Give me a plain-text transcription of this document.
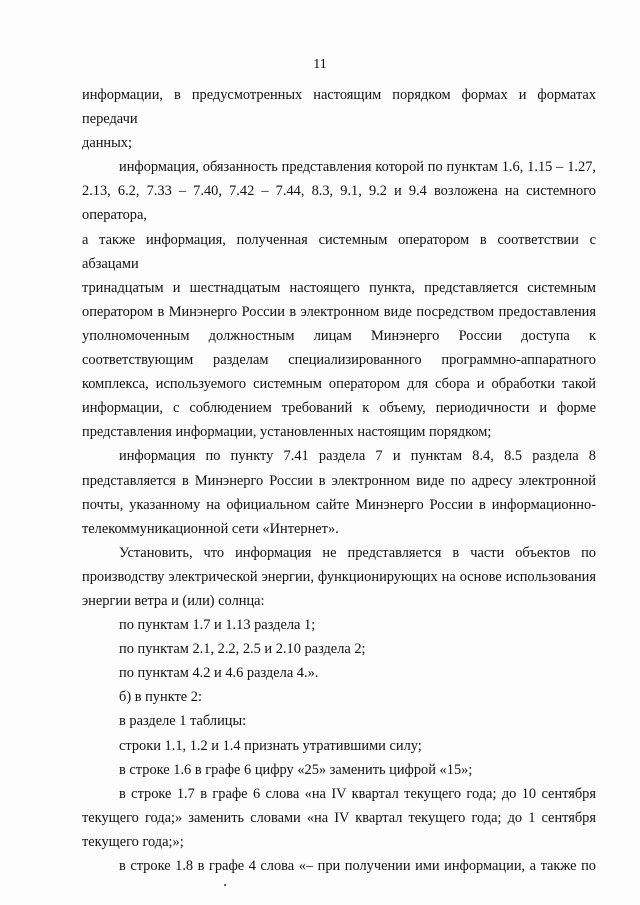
11

информации, в предусмотренных настоящим порядком формах и форматах передачи

данных;

информация, обязанность представления которой по пунктам 1.6, 1.15 – 1.27,

2.13, 6.2, 7.33 – 7.40, 7.42 – 7.44, 8.3, 9.1, 9.2 и 9.4 возложена на системного оператора,

а также информация, полученная системным оператором в соответствии с абзацами

тринадцатым и шестнадцатым настоящего пункта, представляется системным

оператором в Минэнерго России в электронном виде посредством предоставления

уполномоченным должностным лицам Минэнерго России доступа к

соответствующим разделам специализированного программно-аппаратного

комплекса, используемого системным оператором для сбора и обработки такой

информации, с соблюдением требований к объему, периодичности и форме

представления информации, установленных настоящим порядком;

информация по пункту 7.41 раздела 7 и пунктам 8.4, 8.5 раздела 8

представляется в Минэнерго России в электронном виде по адресу электронной

почты, указанному на официальном сайте Минэнерго России в информационно-

телекоммуникационной сети «Интернет».

Установить, что информация не представляется в части объектов по

производству электрической энергии, функционирующих на основе использования

энергии ветра и (или) солнца:

по пунктам 1.7 и 1.13 раздела 1;

по пунктам 2.1, 2.2, 2.5 и 2.10 раздела 2;

по пунктам 4.2 и 4.6 раздела 4.».

б) в пункте 2:

в разделе 1 таблицы:

строки 1.1, 1.2 и 1.4 признать утратившими силу;

в строке 1.6 в графе 6 цифру «25» заменить цифрой «15»;

в строке 1.7 в графе 6 слова «на IV квартал текущего года; до 10 сентября

текущего года;» заменить словами «на IV квартал текущего года; до 1 сентября

текущего года;»;

в строке 1.8 в графе 4 слова «– при получении ими информации, а также по
